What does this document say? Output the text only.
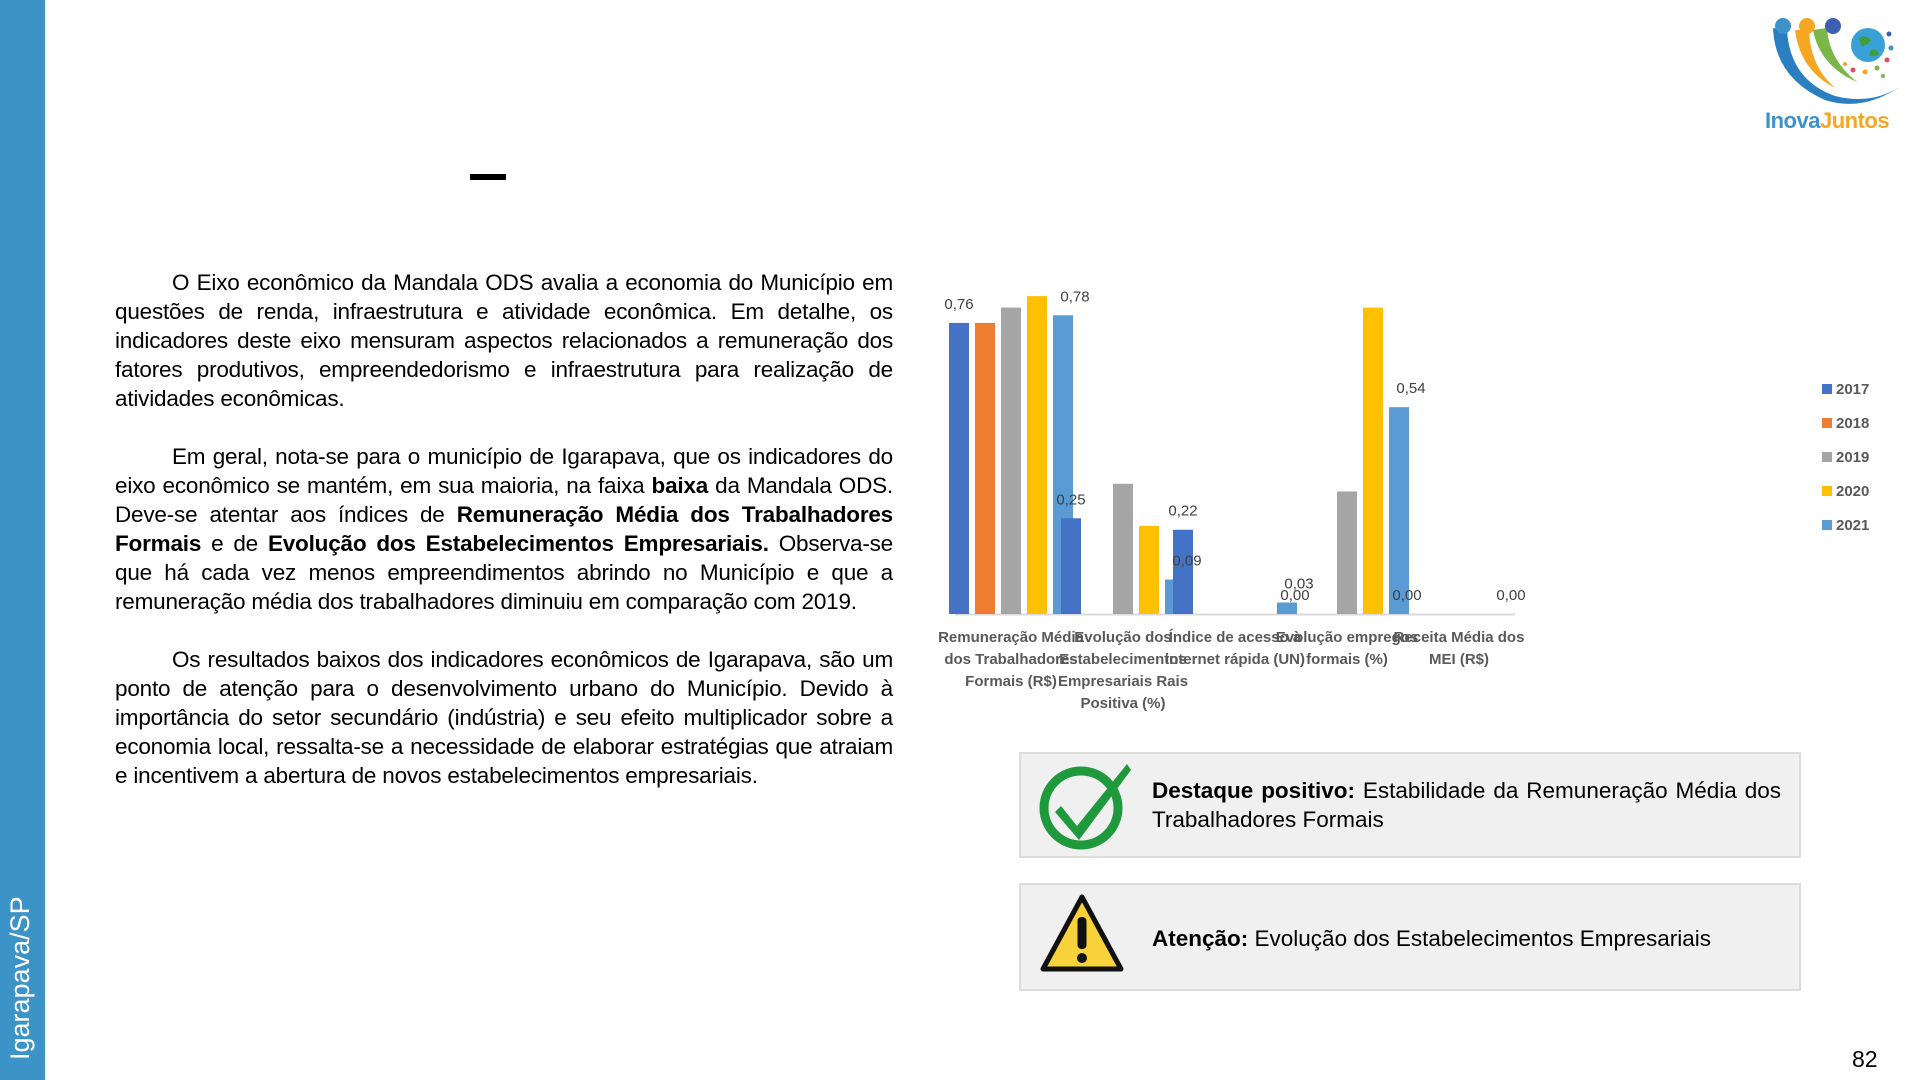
Igarapava/SP
InovaJuntos

O Eixo econômico da Mandala ODS avalia a economia do Município em questões de renda, infraestrutura e atividade econômica. Em detalhe, os indicadores deste eixo mensuram aspectos relacionados a remuneração dos fatores produtivos, empreendedorismo e infraestrutura para realização de atividades econômicas.

Em geral, nota-se para o município de Igarapava, que os indicadores do eixo econômico se mantém, em sua maioria, na faixa baixa da Mandala ODS. Deve-se atentar aos índices de Remuneração Média dos Trabalhadores Formais e de Evolução dos Estabelecimentos Empresariais. Observa-se que há cada vez menos empreendimentos abrindo no Município e que a remuneração média dos trabalhadores diminuiu em comparação com 2019.

Os resultados baixos dos indicadores econômicos de Igarapava, são um ponto de atenção para o desenvolvimento urbano do Município. Devido à importância do setor secundário (indústria) e seu efeito multiplicador sobre a economia local, ressalta-se a necessidade de elaborar estratégias que atraiam e incentivem a abertura de novos estabelecimentos empresariais.

Remuneração Média dos Trabalhadores Formais (R$)
Evolução dos Estabelecimentos Empresariais Rais Positiva (%)
Índice de acesso à internet rápida (UN)
Evolução empregos formais (%)
Receita Média dos MEI (R$)
0,76	0,78
0,25
0,09
0,22
0,03
0,00
0,54
0,00	0,00
2017
2018
2019
2020
2021
Destaque positivo: Estabilidade da Remuneração Média dos Trabalhadores Formais
Atenção: Evolução dos Estabelecimentos Empresariais
82
